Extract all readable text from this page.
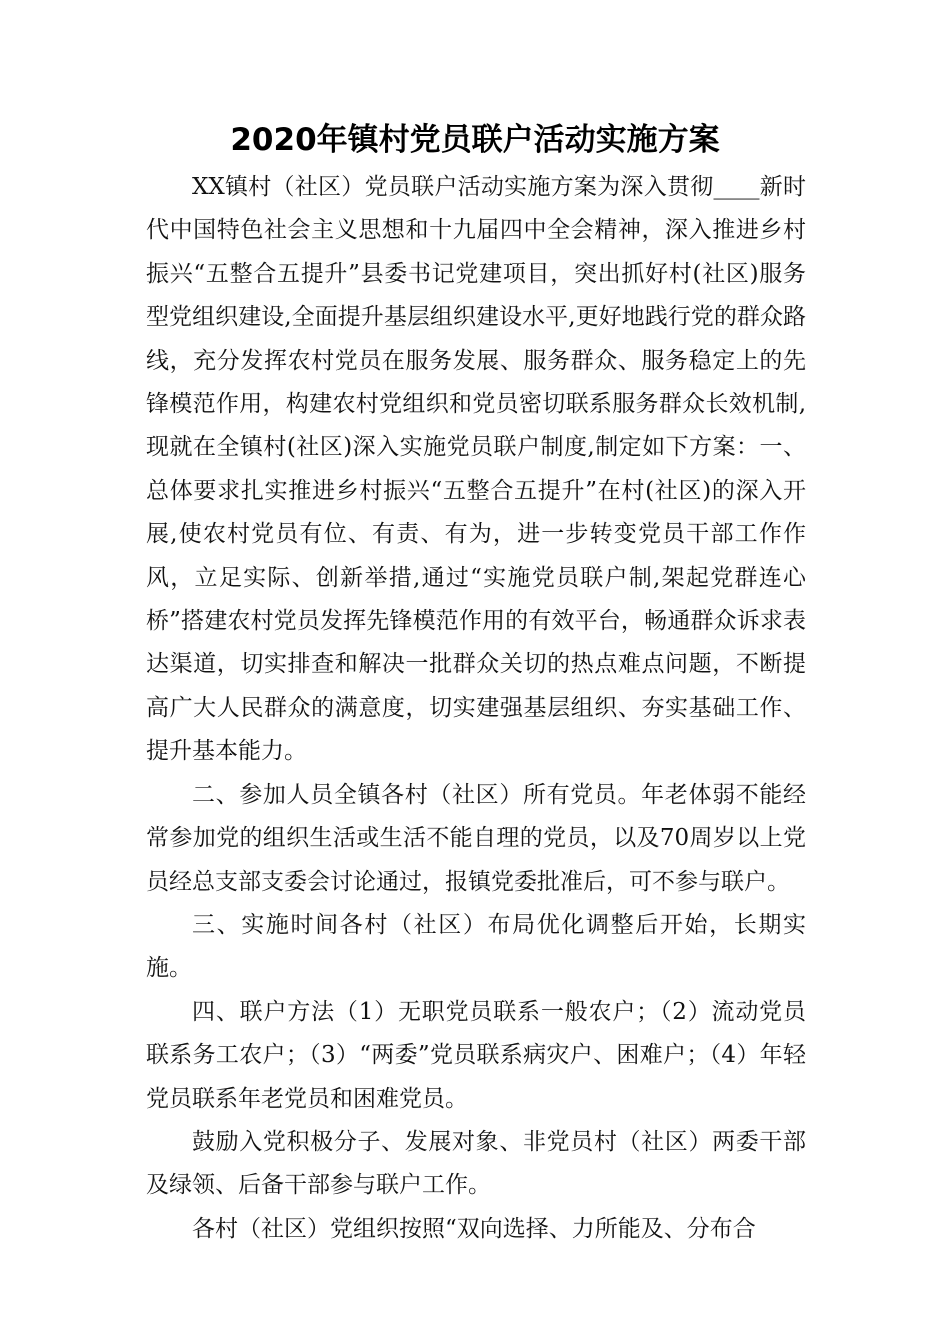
2020年镇村党员联户活动实施方案

XX镇村（社区）党员联户活动实施方案为深入贯彻____新时代中国特色社会主义思想和十九届四中全会精神，深入推进乡村振兴“五整合五提升”县委书记党建项目，突出抓好村(社区)服务型党组织建设,全面提升基层组织建设水平,更好地践行党的群众路线，充分发挥农村党员在服务发展、服务群众、服务稳定上的先锋模范作用，构建农村党组织和党员密切联系服务群众长效机制,现就在全镇村(社区)深入实施党员联户制度,制定如下方案：一、总体要求扎实推进乡村振兴“五整合五提升”在村(社区)的深入开展,使农村党员有位、有责、有为，进一步转变党员干部工作作风，立足实际、创新举措,通过“实施党员联户制,架起党群连心桥”搭建农村党员发挥先锋模范作用的有效平台，畅通群众诉求表达渠道，切实排查和解决一批群众关切的热点难点问题，不断提高广大人民群众的满意度，切实建强基层组织、夯实基础工作、提升基本能力。

二、参加人员全镇各村（社区）所有党员。年老体弱不能经常参加党的组织生活或生活不能自理的党员，以及70周岁以上党员经总支部支委会讨论通过，报镇党委批准后，可不参与联户。

三、实施时间各村（社区）布局优化调整后开始，长期实施。

四、联户方法（1）无职党员联系一般农户；（2）流动党员联系务工农户；（3）“两委”党员联系病灾户、困难户；（4）年轻党员联系年老党员和困难党员。

鼓励入党积极分子、发展对象、非党员村（社区）两委干部及绿领、后备干部参与联户工作。

各村（社区）党组织按照“双向选择、力所能及、分布合
